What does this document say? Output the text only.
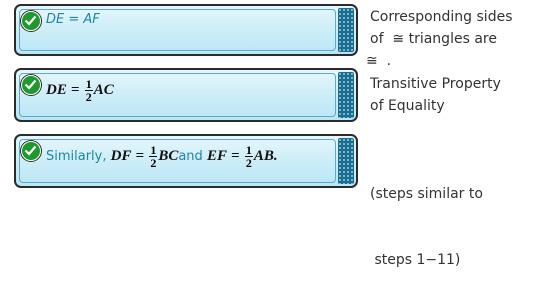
DE = AF
DE = $\frac{1}{2}$ AC
Similarly, DF = $\frac{1}{2}$ BCand EF = $\frac{1}{2}$ AB.
Corresponding sides
of ≅ triangles are
≅ .
Transitive Property
of Equality

(steps similar to

steps 1−11)
